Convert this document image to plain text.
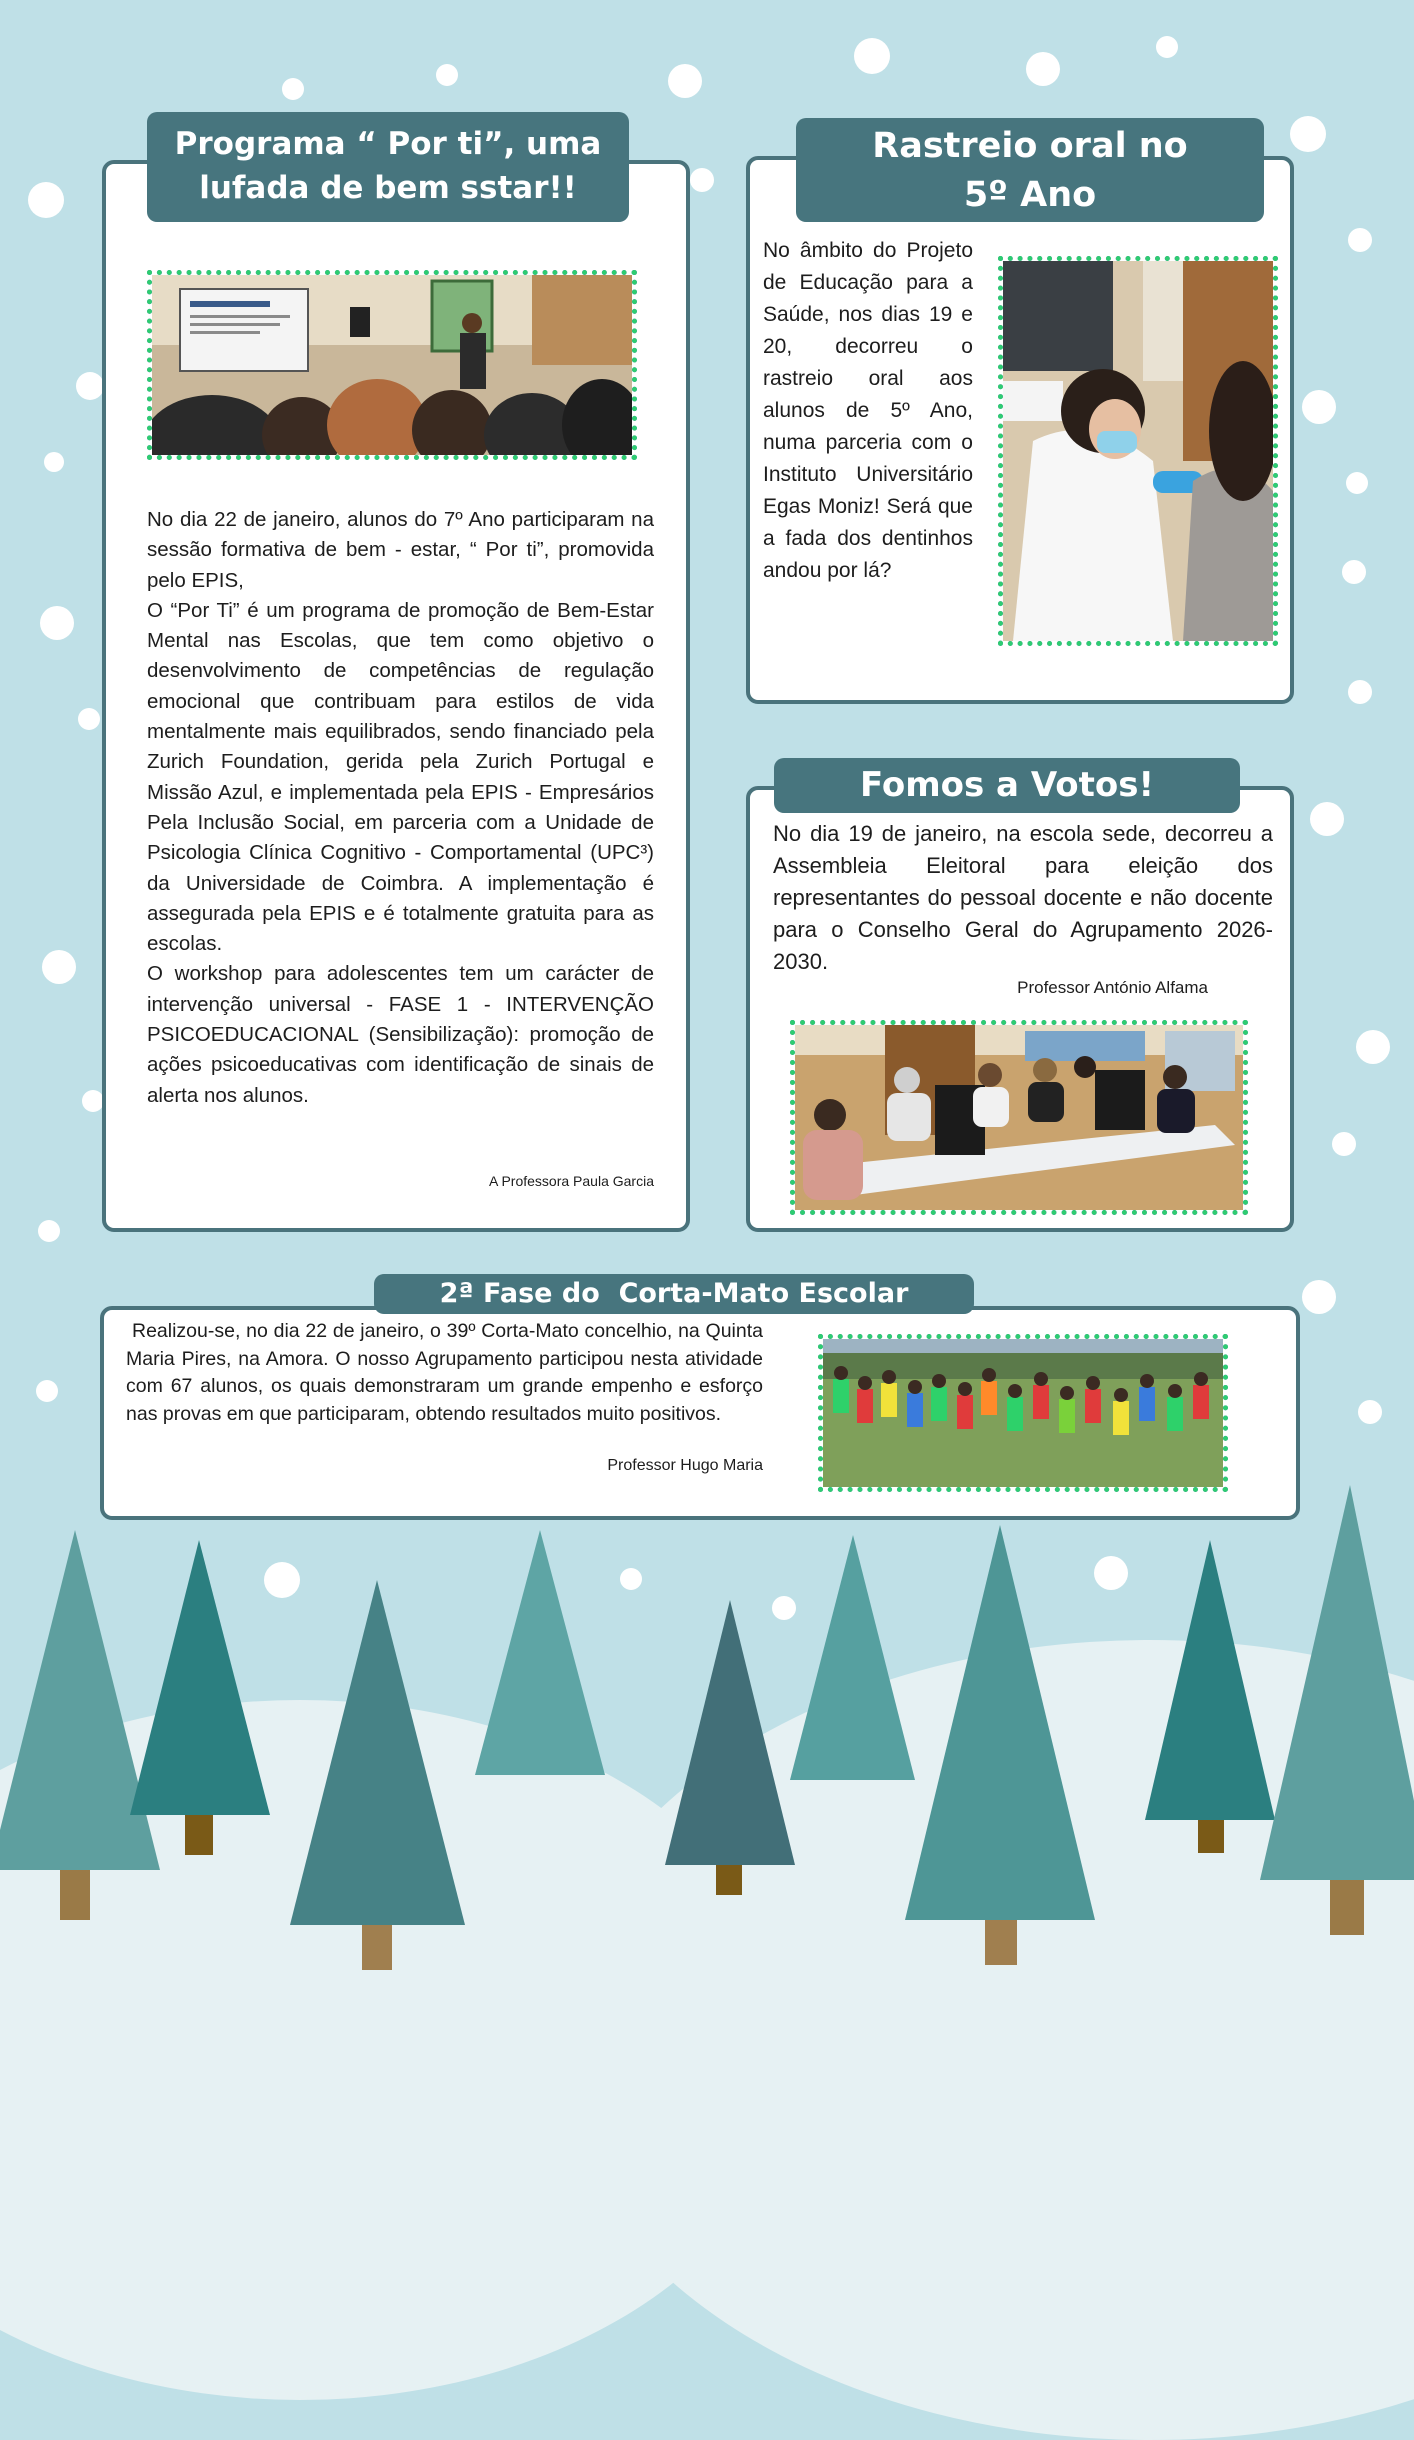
Programa “ Por ti”, uma
lufada de bem sstar!!
No dia 22 de janeiro, alunos do 7º Ano participaram na sessão formativa de bem - estar, “ Por ti”, promovida pelo EPIS,
O “Por Ti” é um programa de promoção de Bem-Estar Mental nas Escolas, que tem como objetivo o desenvolvimento de competências de regulação emocional que contribuam para estilos de vida mentalmente mais equilibrados, sendo financiado pela Zurich Foundation, gerida pela Zurich Portugal e Missão Azul, e implementada pela EPIS - Empresários Pela Inclusão Social, em parceria com a Unidade de Psicologia Clínica Cognitivo - Comportamental (UPC³) da Universidade de Coimbra. A implementação é assegurada pela EPIS e é totalmente gratuita para as escolas.
O workshop para adolescentes tem um carácter de intervenção universal - FASE 1 - INTERVENÇÃO PSICOEDUCACIONAL (Sensibilização): promoção de ações psicoeducativas com identificação de sinais de alerta nos alunos.
A Professora Paula Garcia
Rastreio oral no
5º Ano
No âmbito do Projeto de Educação para a Saúde, nos dias 19 e 20, decorreu o rastreio oral aos alunos de 5º Ano, numa parceria com o Instituto Universitário Egas Moniz! Será que a fada dos dentinhos andou por lá?
Fomos a Votos!
No dia 19 de janeiro, na escola sede, decorreu a Assembleia Eleitoral para eleição dos representantes do pessoal docente e não docente para o Conselho Geral do Agrupamento 2026-2030.
Professor António Alfama
2ª Fase do  Corta-Mato Escolar
Realizou-se, no dia 22 de janeiro, o 39º Corta-Mato concelhio, na Quinta Maria Pires, na Amora. O nosso Agrupamento participou nesta atividade com 67 alunos, os quais demonstraram um grande empenho e esforço nas provas em que participaram, obtendo resultados muito positivos.
Professor Hugo Maria
